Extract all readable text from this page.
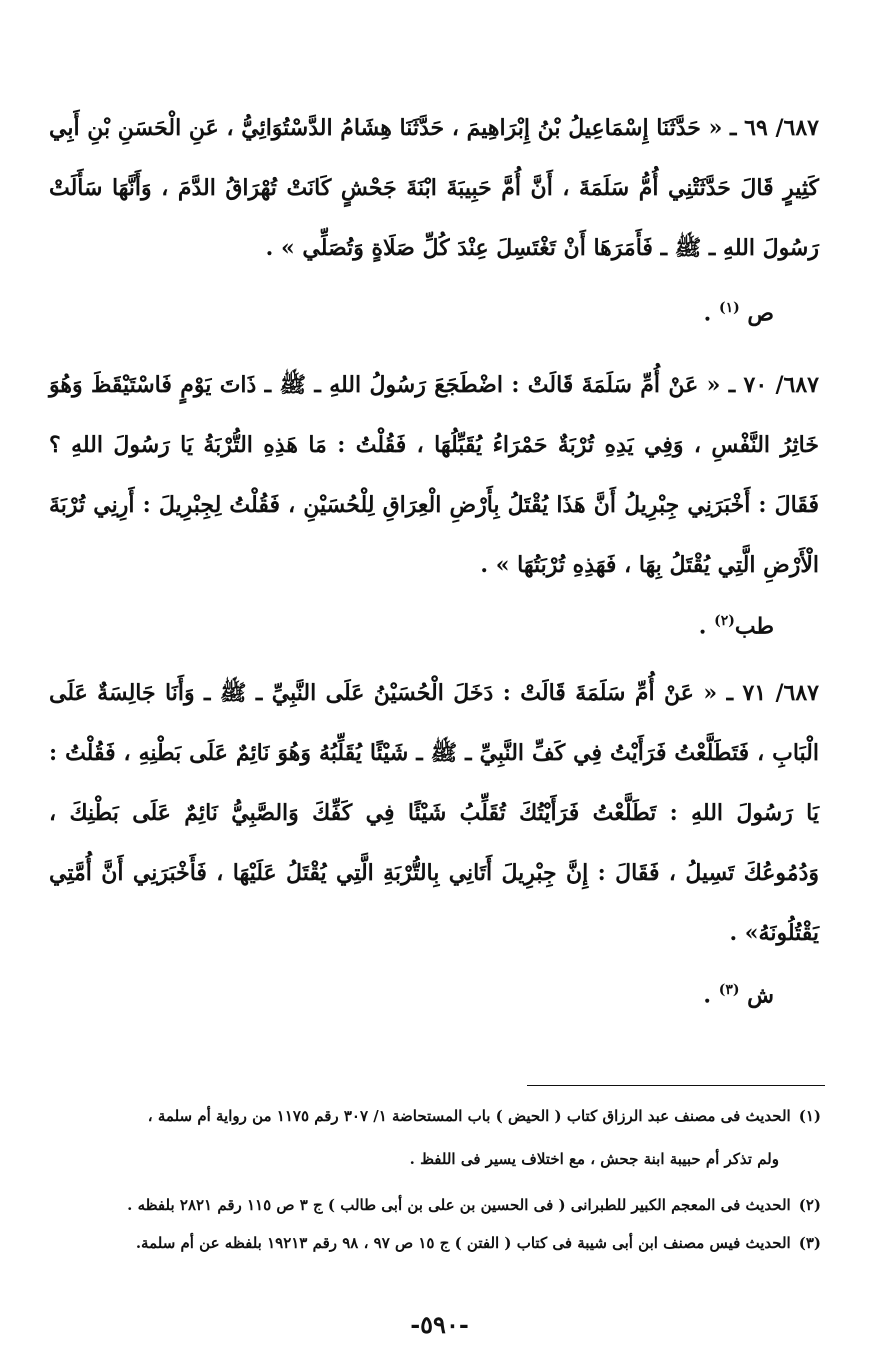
٦٨٧/ ٦٩ ـ « حَدَّثَنَا إِسْمَاعِيلُ بْنُ إِبْرَاهِيمَ ، حَدَّثَنَا هِشَامُ الدَّسْتُوَائِيُّ ، عَنِ الْحَسَنِ بْنِ أَبِي كَثِيرٍ قَالَ حَدَّثَتْنِي أُمُّ سَلَمَةَ ، أَنَّ أُمَّ حَبِيبَةَ ابْنَةَ جَحْشٍ كَانَتْ تُهْرَاقُ الدَّمَ ، وَأَنَّهَا سَأَلَتْ رَسُولَ اللهِ ـ ﷺ ـ فَأَمَرَهَا أَنْ تَغْتَسِلَ عِنْدَ كُلِّ صَلَاةٍ وَتُصَلِّي » .

ص $^{(١)}$ .

٦٨٧/ ٧٠ ـ « عَنْ أُمِّ سَلَمَةَ قَالَتْ : اضْطَجَعَ رَسُولُ اللهِ ـ ﷺ ـ ذَاتَ يَوْمٍ فَاسْتَيْقَظَ وَهُوَ خَاثِرُ النَّفْسِ ، وَفِي يَدِهِ تُرْبَةٌ حَمْرَاءُ يُقَبِّلُهَا ، فَقُلْتُ : مَا هَذِهِ التُّرْبَةُ يَا رَسُولَ اللهِ ؟ فَقَالَ : أَخْبَرَنِي جِبْرِيلُ أَنَّ هَذَا يُقْتَلُ بِأَرْضِ الْعِرَاقِ لِلْحُسَيْنِ ، فَقُلْتُ لِجِبْرِيلَ : أَرِنِي تُرْبَةَ الْأَرْضِ الَّتِي يُقْتَلُ بِهَا ، فَهَذِهِ تُرْبَتُهَا » .

طب$^{(٢)}$ .

٦٨٧/ ٧١ ـ « عَنْ أُمِّ سَلَمَةَ قَالَتْ : دَخَلَ الْحُسَيْنُ عَلَى النَّبِيِّ ـ ﷺ ـ وَأَنَا جَالِسَةٌ عَلَى الْبَابِ ، فَتَطَلَّعْتُ فَرَأَيْتُ فِي كَفِّ النَّبِيِّ ـ ﷺ ـ شَيْئًا يُقَلِّبُهُ وَهُوَ نَائِمٌ عَلَى بَطْنِهِ ، فَقُلْتُ : يَا رَسُولَ اللهِ : تَطَلَّعْتُ فَرَأَيْتُكَ تُقَلِّبُ شَيْئًا فِي كَفِّكَ وَالصَّبِيُّ نَائِمٌ عَلَى بَطْنِكَ ، وَدُمُوعُكَ تَسِيلُ ، فَقَالَ : إِنَّ جِبْرِيلَ أَتَانِي بِالتُّرْبَةِ الَّتِي يُقْتَلُ عَلَيْهَا ، فَأَخْبَرَنِي أَنَّ أُمَّتِي يَقْتُلُونَهُ» .

ش $^{(٣)}$ .
(١)الحديث فى مصنف عبد الرزاق كتاب ( الحيض ) باب المستحاضة ١/ ٣٠٧ رقم ١١٧٥ من رواية أم سلمة ،
ولم تذكر أم حبيبة ابنة جحش ، مع اختلاف يسير فى اللفظ .
(٢)الحديث فى المعجم الكبير للطبرانى ( فى الحسين بن على بن أبى طالب ) ج ٣ ص ١١٥ رقم ٢٨٢١ بلفظه .
(٣)الحديث فيس مصنف ابن أبى شيبة فى كتاب ( الفتن ) ج ١٥ ص ٩٧ ، ٩٨ رقم ١٩٢١٣ بلفظه عن أم سلمة.
-٥٩٠-
